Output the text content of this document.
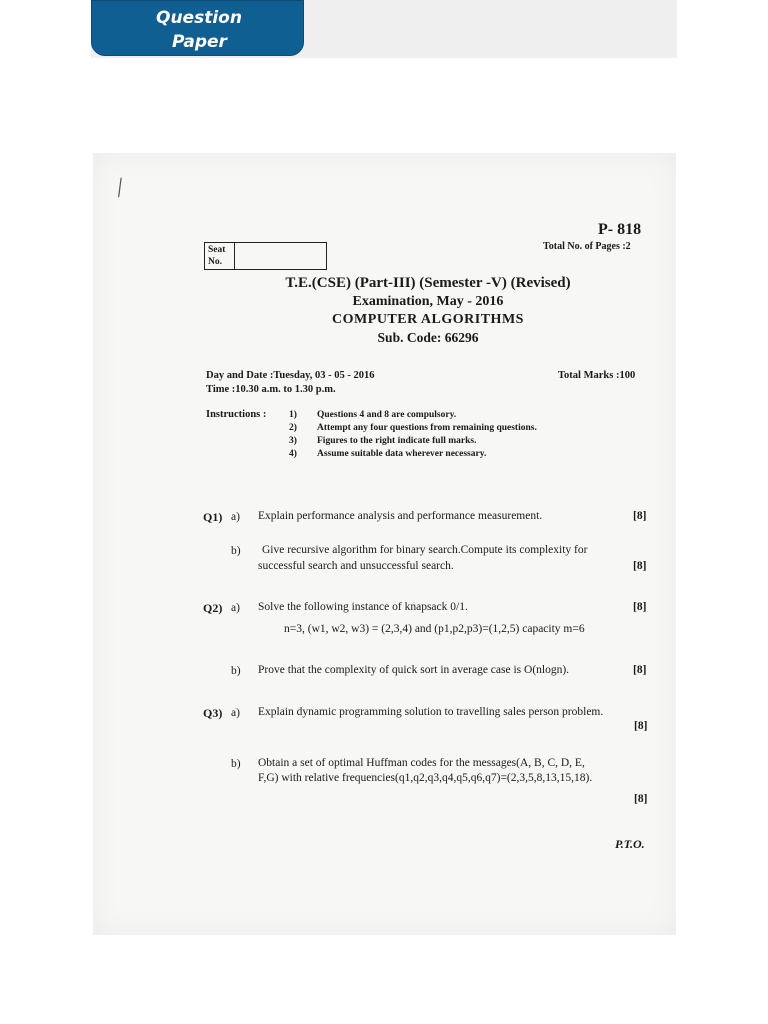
Question
Paper
/
P- 818
Total No. of Pages :2
Seat No.
T.E.(CSE) (Part-III) (Semester -V) (Revised)
Examination, May - 2016
COMPUTER ALGORITHMS
Sub. Code: 66296
Day and Date :Tuesday, 03 - 05 - 2016
Time :10.30 a.m. to 1.30 p.m.
Total Marks :100
Instructions : 1) Questions 4 and 8 are compulsory.
2) Attempt any four questions from remaining questions.
3) Figures to the right indicate full marks.
4) Assume suitable data wherever necessary.
Q1) a) Explain performance analysis and performance measurement.	[8]
b) Give recursive algorithm for binary search.Compute its complexity for
successful search and unsuccessful search.	[8]
Q2) a) Solve the following instance of knapsack 0/1.	[8]
n=3, (w1, w2, w3) = (2,3,4) and (p1,p2,p3)=(1,2,5) capacity m=6
b) Prove that the complexity of quick sort in average case is O(nlogn).	[8]
Q3) a) Explain dynamic programming solution to travelling sales person problem.
[8]
b) Obtain a set of optimal Huffman codes for the messages(A, B, C, D, E,
F,G) with relative frequencies(q1,q2,q3,q4,q5,q6,q7)=(2,3,5,8,13,15,18).
[8]
P.T.O.
